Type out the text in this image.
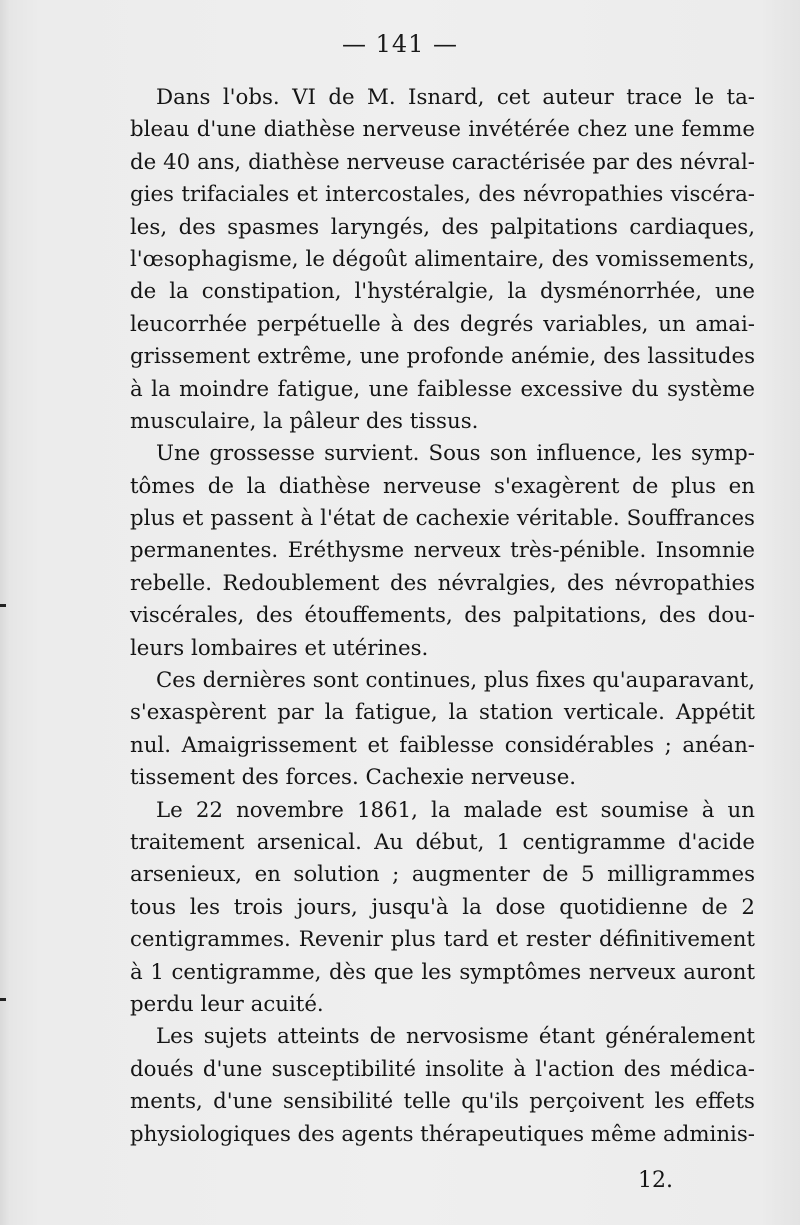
— 141 —
Dans l'obs. VI de M. Isnard, cet auteur trace le ta-
bleau d'une diathèse nerveuse invétérée chez une femme
de 40 ans, diathèse nerveuse caractérisée par des névral-
gies trifaciales et intercostales, des névropathies viscéra-
les, des spasmes laryngés, des palpitations cardiaques,
l'œsophagisme, le dégoût alimentaire, des vomissements,
de la constipation, l'hystéralgie, la dysménorrhée, une
leucorrhée perpétuelle à des degrés variables, un amai-
grissement extrême, une profonde anémie, des lassitudes
à la moindre fatigue, une faiblesse excessive du système
musculaire, la pâleur des tissus.
Une grossesse survient. Sous son influence, les symp-
tômes de la diathèse nerveuse s'exagèrent de plus en
plus et passent à l'état de cachexie véritable. Souffrances
permanentes. Eréthysme nerveux très-pénible. Insomnie
rebelle. Redoublement des névralgies, des névropathies
viscérales, des étouffements, des palpitations, des dou-
leurs lombaires et utérines.
Ces dernières sont continues, plus fixes qu'auparavant,
s'exaspèrent par la fatigue, la station verticale. Appétit
nul. Amaigrissement et faiblesse considérables ; anéan-
tissement des forces. Cachexie nerveuse.
Le 22 novembre 1861, la malade est soumise à un
traitement arsenical. Au début, 1 centigramme d'acide
arsenieux, en solution ; augmenter de 5 milligrammes
tous les trois jours, jusqu'à la dose quotidienne de 2
centigrammes. Revenir plus tard et rester définitivement
à 1 centigramme, dès que les symptômes nerveux auront
perdu leur acuité.
Les sujets atteints de nervosisme étant généralement
doués d'une susceptibilité insolite à l'action des médica-
ments, d'une sensibilité telle qu'ils perçoivent les effets
physiologiques des agents thérapeutiques même adminis-
12.
